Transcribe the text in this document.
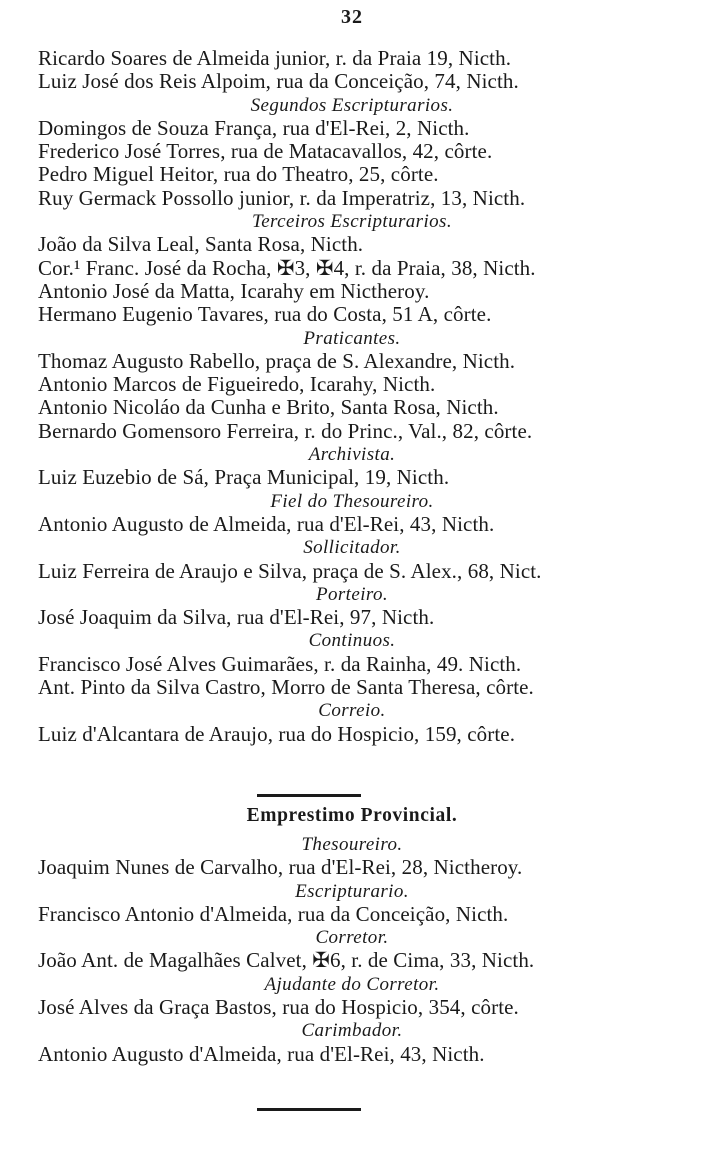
32
Ricardo Soares de Almeida junior, r. da Praia 19, Nicth.
Luiz José dos Reis Alpoim, rua da Conceição, 74, Nicth.
Segundos Escripturarios.
Domingos de Souza França, rua d'El-Rei, 2, Nicth.
Frederico José Torres, rua de Matacavallos, 42, côrte.
Pedro Miguel Heitor, rua do Theatro, 25, côrte.
Ruy Germack Possollo junior, r. da Imperatriz, 13, Nicth.
Terceiros Escripturarios.
João da Silva Leal, Santa Rosa, Nicth.
Cor.¹ Franc. José da Rocha, ✠3, ✠4, r. da Praia, 38, Nicth.
Antonio José da Matta, Icarahy em Nictheroy.
Hermano Eugenio Tavares, rua do Costa, 51 A, côrte.
Praticantes.
Thomaz Augusto Rabello, praça de S. Alexandre, Nicth.
Antonio Marcos de Figueiredo, Icarahy, Nicth.
Antonio Nicoláo da Cunha e Brito, Santa Rosa, Nicth.
Bernardo Gomensoro Ferreira, r. do Princ., Val., 82, côrte.
Archivista.
Luiz Euzebio de Sá, Praça Municipal, 19, Nicth.
Fiel do Thesoureiro.
Antonio Augusto de Almeida, rua d'El-Rei, 43, Nicth.
Sollicitador.
Luiz Ferreira de Araujo e Silva, praça de S. Alex., 68, Nict.
Porteiro.
José Joaquim da Silva, rua d'El-Rei, 97, Nicth.
Continuos.
Francisco José Alves Guimarães, r. da Rainha, 49. Nicth.
Ant. Pinto da Silva Castro, Morro de Santa Theresa, côrte.
Correio.
Luiz d'Alcantara de Araujo, rua do Hospicio, 159, côrte.
Emprestimo Provincial.
Thesoureiro.
Joaquim Nunes de Carvalho, rua d'El-Rei, 28, Nictheroy.
Escripturario.
Francisco Antonio d'Almeida, rua da Conceição, Nicth.
Corretor.
João Ant. de Magalhães Calvet, ✠6, r. de Cima, 33, Nicth.
Ajudante do Corretor.
José Alves da Graça Bastos, rua do Hospicio, 354, côrte.
Carimbador.
Antonio Augusto d'Almeida, rua d'El-Rei, 43, Nicth.
